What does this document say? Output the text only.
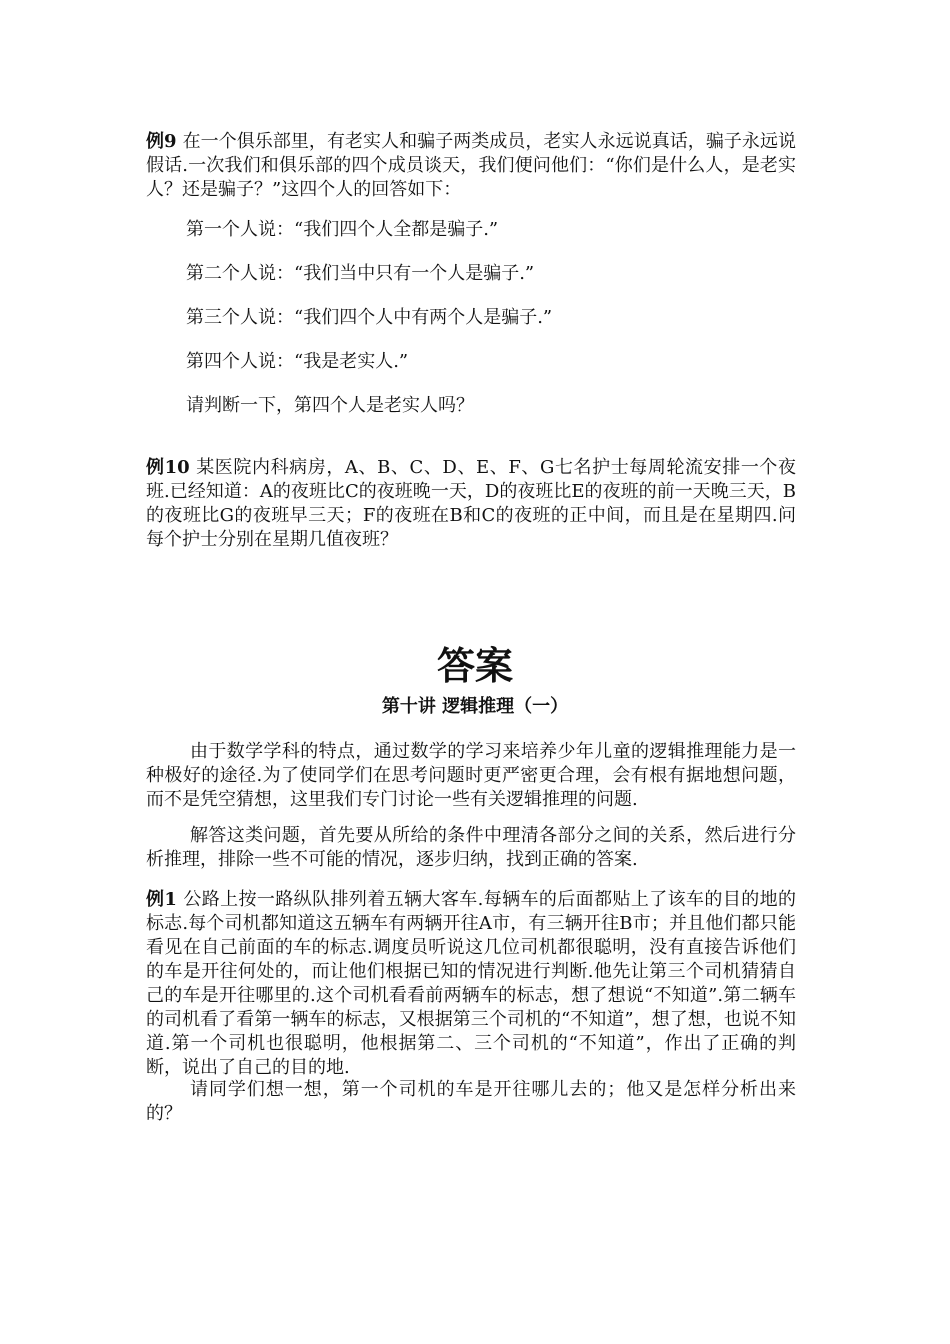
例9 在一个俱乐部里，有老实人和骗子两类成员，老实人永远说真话，骗子永远说假话.一次我们和俱乐部的四个成员谈天，我们便问他们：“你们是什么人，是老实人？还是骗子？”这四个人的回答如下：
第一个人说：“我们四个人全都是骗子.”
第二个人说：“我们当中只有一个人是骗子.”
第三个人说：“我们四个人中有两个人是骗子.”
第四个人说：“我是老实人.”
请判断一下，第四个人是老实人吗？
例10 某医院内科病房，A、B、C、D、E、F、G七名护士每周轮流安排一个夜班.已经知道：A的夜班比C的夜班晚一天，D的夜班比E的夜班的前一天晚三天，B的夜班比G的夜班早三天；F的夜班在B和C的夜班的正中间，而且是在星期四.问每个护士分别在星期几值夜班？
答案
第十讲 逻辑推理（一）
由于数学学科的特点，通过数学的学习来培养少年儿童的逻辑推理能力是一种极好的途径.为了使同学们在思考问题时更严密更合理，会有根有据地想问题，而不是凭空猜想，这里我们专门讨论一些有关逻辑推理的问题.
解答这类问题，首先要从所给的条件中理清各部分之间的关系，然后进行分析推理，排除一些不可能的情况，逐步归纳，找到正确的答案.
例1 公路上按一路纵队排列着五辆大客车.每辆车的后面都贴上了该车的目的地的标志.每个司机都知道这五辆车有两辆开往A市，有三辆开往B市；并且他们都只能看见在自己前面的车的标志.调度员听说这几位司机都很聪明，没有直接告诉他们的车是开往何处的，而让他们根据已知的情况进行判断.他先让第三个司机猜猜自己的车是开往哪里的.这个司机看看前两辆车的标志，想了想说“不知道”.第二辆车的司机看了看第一辆车的标志，又根据第三个司机的“不知道”，想了想，也说不知道.第一个司机也很聪明，他根据第二、三个司机的“不知道”，作出了正确的判断，说出了自己的目的地.
请同学们想一想，第一个司机的车是开往哪儿去的；他又是怎样分析出来的？
